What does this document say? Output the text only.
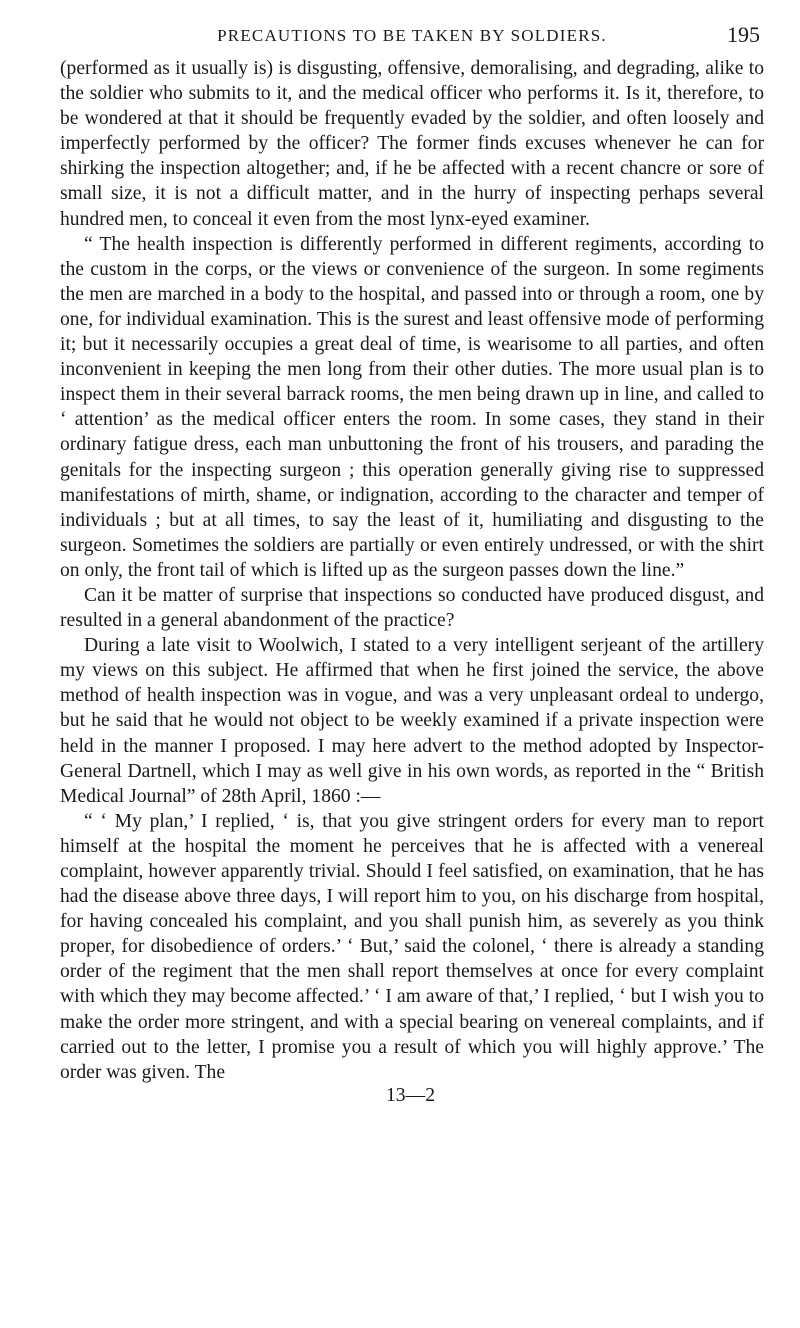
PRECAUTIONS TO BE TAKEN BY SOLDIERS.	195

(performed as it usually is) is disgusting, offensive, demoralising, and degrading, alike to the soldier who submits to it, and the medical officer who performs it. Is it, therefore, to be wondered at that it should be frequently evaded by the soldier, and often loosely and imperfectly performed by the officer? The former finds excuses whenever he can for shirking the inspection altogether; and, if he be affected with a recent chancre or sore of small size, it is not a difficult matter, and in the hurry of inspecting perhaps several hundred men, to conceal it even from the most lynx-eyed examiner.

“ The health inspection is differently performed in different regiments, according to the custom in the corps, or the views or convenience of the surgeon. In some regiments the men are marched in a body to the hospital, and passed into or through a room, one by one, for individual examination. This is the surest and least offensive mode of performing it; but it necessarily occupies a great deal of time, is wearisome to all parties, and often inconvenient in keeping the men long from their other duties. The more usual plan is to inspect them in their several barrack rooms, the men being drawn up in line, and called to ‘ attention’ as the medical officer enters the room. In some cases, they stand in their ordinary fatigue dress, each man unbuttoning the front of his trousers, and parading the genitals for the inspecting surgeon ; this operation generally giving rise to suppressed manifestations of mirth, shame, or indignation, according to the character and temper of individuals ; but at all times, to say the least of it, humiliating and disgusting to the surgeon. Sometimes the soldiers are partially or even entirely undressed, or with the shirt on only, the front tail of which is lifted up as the surgeon passes down the line.”

Can it be matter of surprise that inspections so conducted have produced disgust, and resulted in a general abandonment of the practice?

During a late visit to Woolwich, I stated to a very intelligent serjeant of the artillery my views on this subject. He affirmed that when he first joined the service, the above method of health inspection was in vogue, and was a very unpleasant ordeal to undergo, but he said that he would not object to be weekly examined if a private inspection were held in the manner I proposed. I may here advert to the method adopted by Inspector-General Dartnell, which I may as well give in his own words, as reported in the “ British Medical Journal” of 28th April, 1860 :—

“ ‘ My plan,’ I replied, ‘ is, that you give stringent orders for every man to report himself at the hospital the moment he perceives that he is affected with a venereal complaint, however apparently trivial. Should I feel satisfied, on examination, that he has had the disease above three days, I will report him to you, on his discharge from hospital, for having concealed his complaint, and you shall punish him, as severely as you think proper, for disobedience of orders.’ ‘ But,’ said the colonel, ‘ there is already a standing order of the regiment that the men shall report themselves at once for every complaint with which they may become affected.’ ‘ I am aware of that,’ I replied, ‘ but I wish you to make the order more stringent, and with a special bearing on venereal complaints, and if carried out to the letter, I promise you a result of which you will highly approve.’ The order was given. The

13—2
